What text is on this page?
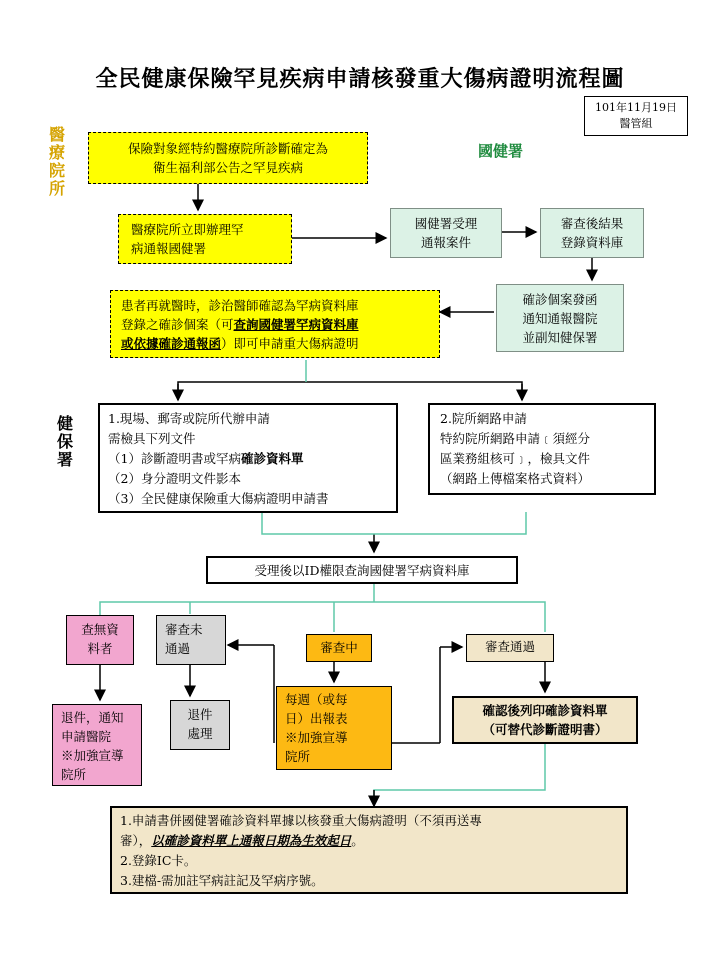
全民健康保險罕見疾病申請核發重大傷病證明流程圖
101年11月19日
醫管組
醫療院所
健保署
國健署
保險對象經特約醫療院所診斷確定為
衛生福利部公告之罕見疾病
醫療院所立即辦理罕
病通報國健署
國健署受理
通報案件
審查後結果
登錄資料庫
確診個案發函
通知通報醫院
並副知健保署
患者再就醫時，診治醫師確認為罕病資料庫
登錄之確診個案（可查詢國健署罕病資料庫
或依據確診通報函）即可申請重大傷病證明
1.現場、郵寄或院所代辦申請
需檢具下列文件
（1）診斷證明書或罕病確診資料單
（2）身分證明文件影本
（3）全民健康保險重大傷病證明申請書
2.院所網路申請
特約院所網路申請﹝須經分
區業務組核可﹞，檢具文件
（網路上傳檔案格式資料）
受理後以ID權限查詢國健署罕病資料庫
查無資
料者
審查未
通過	審查中	審查通過
退件，通知
申請醫院
※加強宣導
院所
退件
處理
每週（或每
日）出報表
※加強宣導
院所
確認後列印確診資料單
（可替代診斷證明書）
1.申請書併國健署確診資料單據以核發重大傷病證明（不須再送專
審），以確診資料單上通報日期為生效起日。
2.登錄IC卡。
3.建檔-需加註罕病註記及罕病序號。
